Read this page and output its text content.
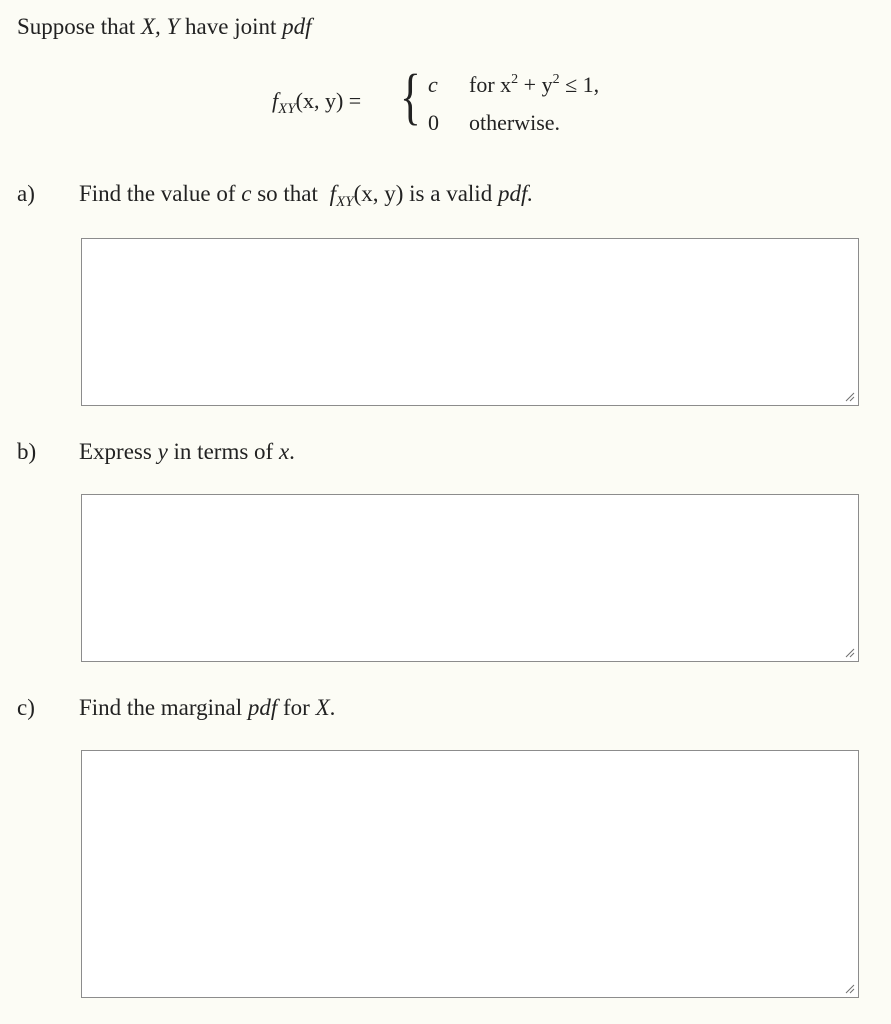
Suppose that X, Y have joint pdf
$f_{XY}(x$, y) = { c for $x^2 + y^2 \le 1$,
0 otherwise.
a) Find the value of c so that $f_{XY}(x$, y) is a valid pdf.
b) Express y in terms of x.
c) Find the marginal pdf for X.
